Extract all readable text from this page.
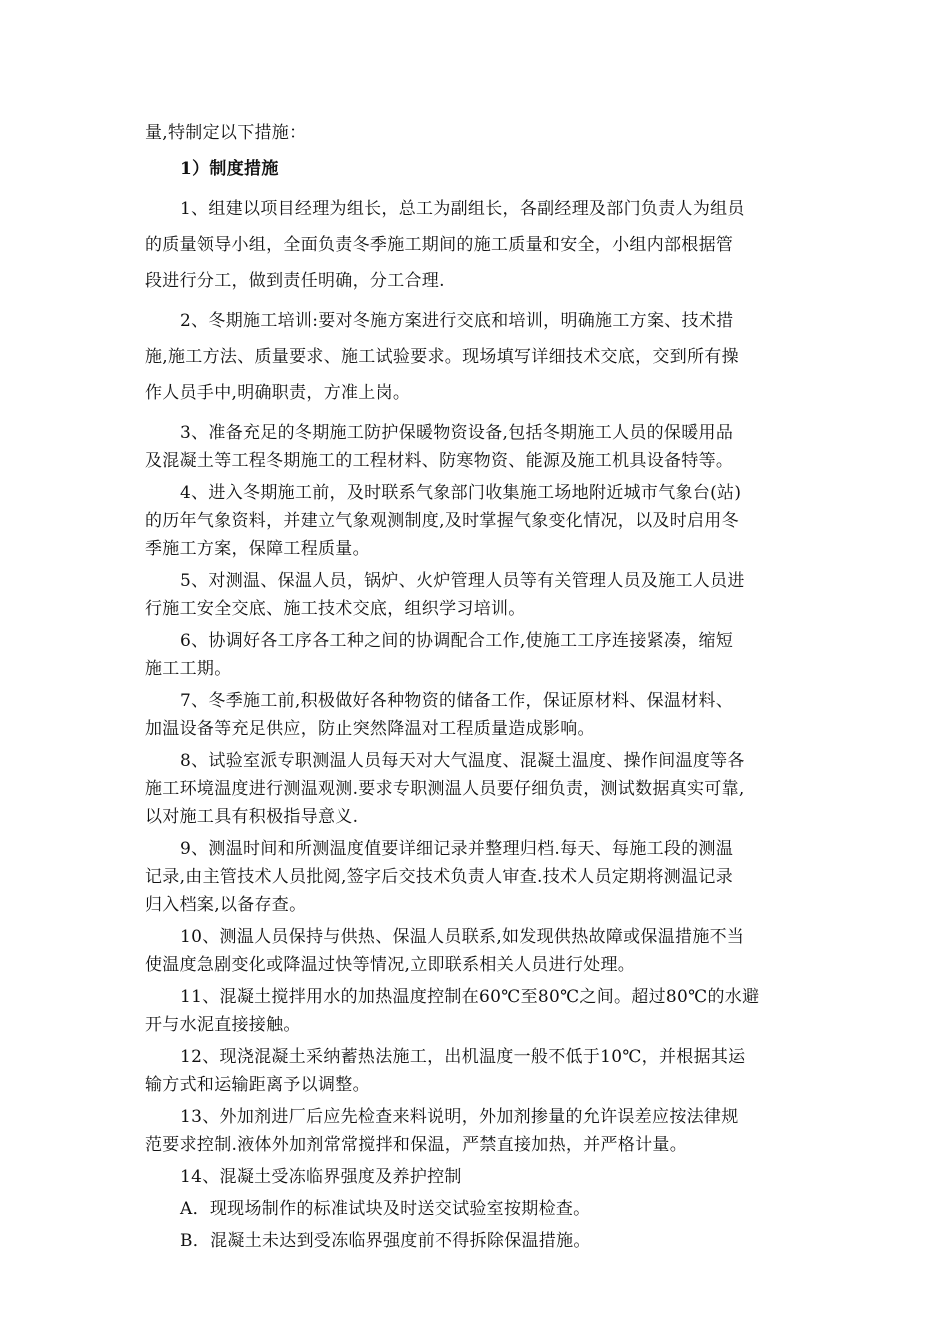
量,特制定以下措施：
1）制度措施
1、组建以项目经理为组长，总工为副组长，各副经理及部门负责人为组员
的质量领导小组，全面负责冬季施工期间的施工质量和安全，小组内部根据管
段进行分工，做到责任明确，分工合理.
2、冬期施工培训:要对冬施方案进行交底和培训，明确施工方案、技术措
施,施工方法、质量要求、施工试验要求。现场填写详细技术交底，交到所有操
作人员手中,明确职责，方准上岗。
3、准备充足的冬期施工防护保暖物资设备,包括冬期施工人员的保暖用品
及混凝土等工程冬期施工的工程材料、防寒物资、能源及施工机具设备特等。
4、进入冬期施工前，及时联系气象部门收集施工场地附近城市气象台(站)
的历年气象资料，并建立气象观测制度,及时掌握气象变化情况，以及时启用冬
季施工方案，保障工程质量。
5、对测温、保温人员，锅炉、火炉管理人员等有关管理人员及施工人员进
行施工安全交底、施工技术交底，组织学习培训。
6、协调好各工序各工种之间的协调配合工作,使施工工序连接紧凑，缩短
施工工期。
7、冬季施工前,积极做好各种物资的储备工作，保证原材料、保温材料、
加温设备等充足供应，防止突然降温对工程质量造成影响。
8、试验室派专职测温人员每天对大气温度、混凝土温度、操作间温度等各
施工环境温度进行测温观测.要求专职测温人员要仔细负责，测试数据真实可靠,
以对施工具有积极指导意义.
9、测温时间和所测温度值要详细记录并整理归档.每天、每施工段的测温
记录,由主管技术人员批阅,签字后交技术负责人审查.技术人员定期将测温记录
归入档案,以备存查。
10、测温人员保持与供热、保温人员联系,如发现供热故障或保温措施不当
使温度急剧变化或降温过快等情况,立即联系相关人员进行处理。
11、混凝土搅拌用水的加热温度控制在60℃至80℃之间。超过80℃的水避
开与水泥直接接触。
12、现浇混凝土采纳蓄热法施工，出机温度一般不低于10℃，并根据其运
输方式和运输距离予以调整。
13、外加剂进厂后应先检查来料说明，外加剂掺量的允许误差应按法律规
范要求控制.液体外加剂常常搅拌和保温，严禁直接加热，并严格计量。
14、混凝土受冻临界强度及养护控制
A．现现场制作的标准试块及时送交试验室按期检查。
B．混凝土未达到受冻临界强度前不得拆除保温措施。
